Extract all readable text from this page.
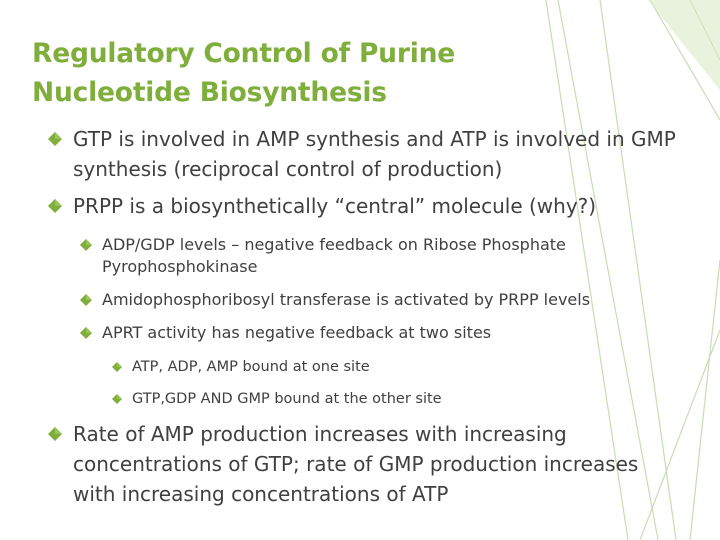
Regulatory Control of Purine Nucleotide Biosynthesis
GTP is involved in AMP synthesis and ATP is involved in GMP synthesis (reciprocal control of production)
PRPP is a biosynthetically “central” molecule (why?)
ADP/GDP levels – negative feedback on Ribose Phosphate Pyrophosphokinase
Amidophosphoribosyl transferase is activated by PRPP levels
APRT activity has negative feedback at two sites
ATP, ADP, AMP bound at one site
GTP,GDP AND GMP bound at the other site
Rate of AMP production increases with increasing concentrations of GTP; rate of GMP production increases with increasing concentrations of ATP
